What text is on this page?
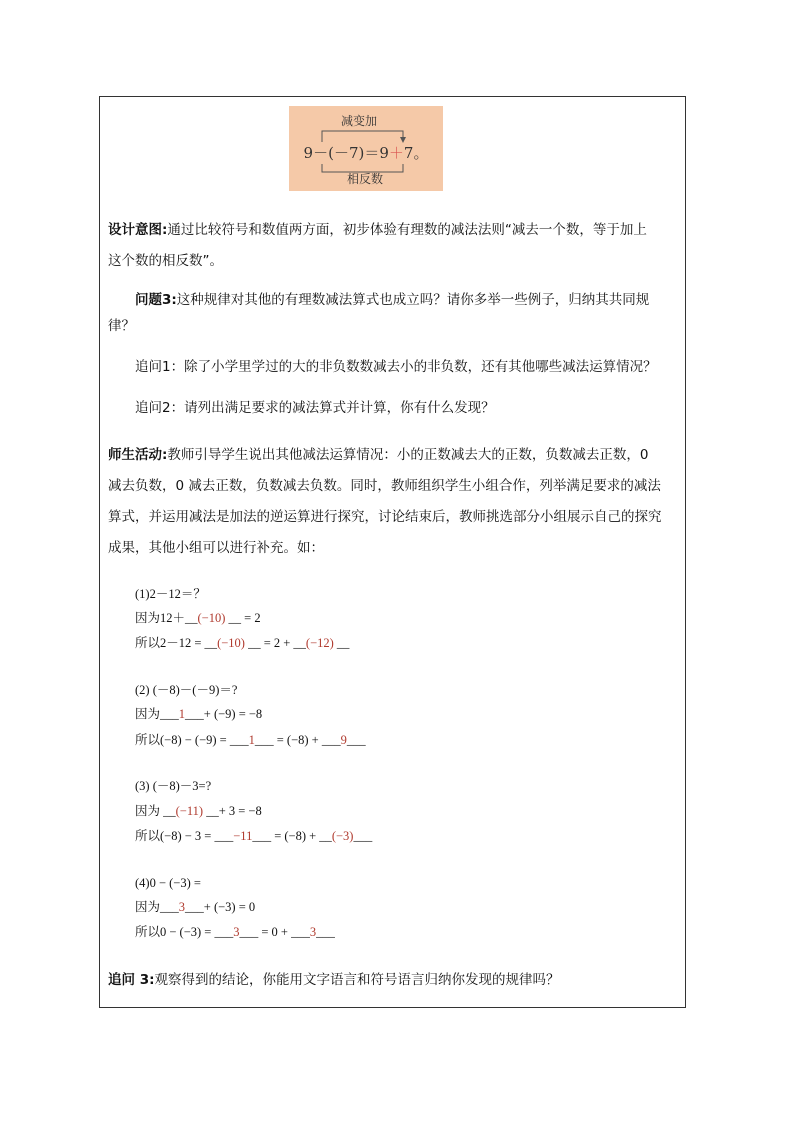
减变加
9－(－7)＝9＋7。
相反数
设计意图:通过比较符号和数值两方面，初步体验有理数的减法法则“减去一个数，等于加上
这个数的相反数”。
问题3:这种规律对其他的有理数减法算式也成立吗？请你多举一些例子，归纳其共同规
律？
追问1：除了小学里学过的大的非负数数减去小的非负数，还有其他哪些减法运算情况？
追问2：请列出满足要求的减法算式并计算，你有什么发现？
师生活动:教师引导学生说出其他减法运算情况：小的正数减去大的正数，负数减去正数，0
减去负数，0 减去正数，负数减去负数。同时，教师组织学生小组合作，列举满足要求的减法
算式，并运用减法是加法的逆运算进行探究，讨论结束后，教师挑选部分小组展示自己的探究
成果，其他小组可以进行补充。如：
(1)2－12＝？
因为12＋__(−10) __ = 2
所以2－12 = __(−10) __ = 2 + __(−12) __
(2) (－8)－(－9)＝?
因为___1___+ (−9) = −8
所以(−8) − (−9) = ___1___ = (−8) + ___9___
(3) (－8)－3=?
因为 __(−11) __+ 3 = −8
所以(−8) − 3 = ___−11___ = (−8) + __(−3)___
(4)0 − (−3) =
因为___3___+ (−3) = 0
所以0 − (−3) = ___3___ = 0 + ___3___
追问 3:观察得到的结论，你能用文字语言和符号语言归纳你发现的规律吗？
